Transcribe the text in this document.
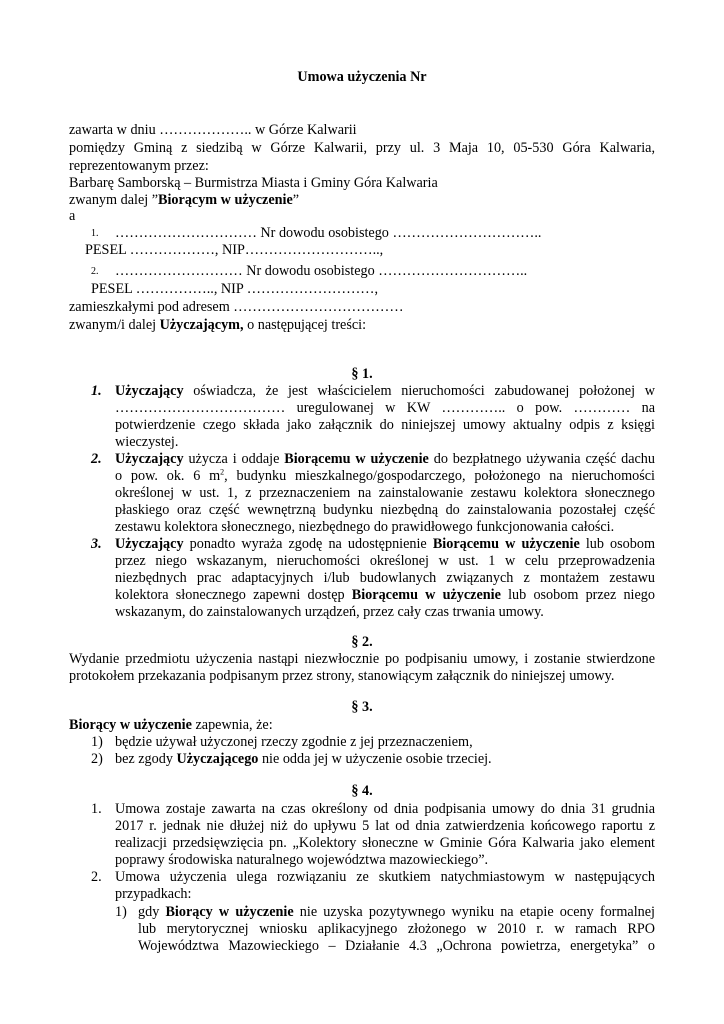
Umowa użyczenia Nr
zawarta w dniu ……………….. w Górze Kalwarii
pomiędzy Gminą z siedzibą w Górze Kalwarii, przy ul. 3 Maja 10, 05-530 Góra Kalwaria,
reprezentowanym przez:
Barbarę Samborską – Burmistrza Miasta i Gminy Góra Kalwaria
zwanym dalej ”Biorącym w użyczenie”
a
1. ………………………… Nr dowodu osobistego …………………………..
PESEL ………………, NIP………………………..,
2. ……………………… Nr dowodu osobistego …………………………..
PESEL …………….., NIP ………………………,
zamieszkałymi pod adresem ………………………………
zwanym/i dalej Użyczającym, o następującej treści:
§ 1.
1. Użyczający oświadcza, że jest właścicielem nieruchomości zabudowanej położonej w
……………………………… uregulowanej w KW ………….. o pow. ………… na
potwierdzenie czego składa jako załącznik do niniejszej umowy aktualny odpis z księgi
wieczystej.
2. Użyczający użycza i oddaje Biorącemu w użyczenie do bezpłatnego używania część dachu
o pow. ok. 6 $m^2$, budynku mieszkalnego/gospodarczego, położonego na nieruchomości
określonej w ust. 1, z przeznaczeniem na zainstalowanie zestawu kolektora słonecznego
płaskiego oraz część wewnętrzną budynku niezbędną do zainstalowania pozostałej część
zestawu kolektora słonecznego, niezbędnego do prawidłowego funkcjonowania całości.
3. Użyczający ponadto wyraża zgodę na udostępnienie Biorącemu w użyczenie lub osobom
przez niego wskazanym, nieruchomości określonej w ust. 1 w celu przeprowadzenia
niezbędnych prac adaptacyjnych i/lub budowlanych związanych z montażem zestawu
kolektora słonecznego zapewni dostęp Biorącemu w użyczenie lub osobom przez niego
wskazanym, do zainstalowanych urządzeń, przez cały czas trwania umowy.
§ 2.
Wydanie przedmiotu użyczenia nastąpi niezwłocznie po podpisaniu umowy, i zostanie stwierdzone
protokołem przekazania podpisanym przez strony, stanowiącym załącznik do niniejszej umowy.
§ 3.
Biorący w użyczenie zapewnia, że:
1) będzie używał użyczonej rzeczy zgodnie z jej przeznaczeniem,
2) bez zgody Użyczającego nie odda jej w użyczenie osobie trzeciej.
§ 4.
1. Umowa zostaje zawarta na czas określony od dnia podpisania umowy do dnia 31 grudnia
2017 r. jednak nie dłużej niż do upływu 5 lat od dnia zatwierdzenia końcowego raportu z
realizacji przedsięwzięcia pn. „Kolektory słoneczne w Gminie Góra Kalwaria jako element
poprawy środowiska naturalnego województwa mazowieckiego”.
2. Umowa użyczenia ulega rozwiązaniu ze skutkiem natychmiastowym w następujących
przypadkach:
1) gdy Biorący w użyczenie nie uzyska pozytywnego wyniku na etapie oceny formalnej
lub merytorycznej wniosku aplikacyjnego złożonego w 2010 r. w ramach RPO
Województwa Mazowieckiego – Działanie 4.3 „Ochrona powietrza, energetyka” o
